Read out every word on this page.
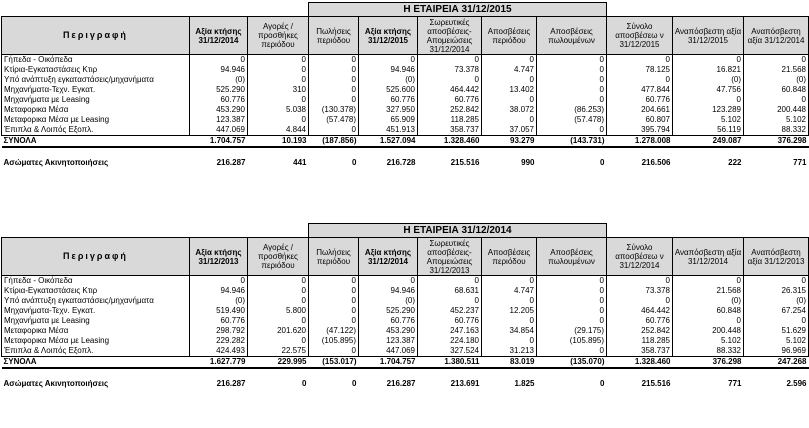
			Η ΕΤΑΙΡΕΙΑ 31/12/2015							
Περιγραφή	Αξία κτήσης 31/12/2014	Αγορές / προσθήκες περιόδου	Πωλήσεις περιόδου	Αξία κτήσης 31/12/2015	Σωρευτικές αποσβέσεις- Απομειώσεις 31/12/2014	Αποσβέσεις περιόδου	Αποσβέσεις πωλουμένων	Σύνολο αποσβέσεω ν 31/12/2015	Αναπόσβεστη αξία 31/12/2015	Αναπόσβεστη αξία 31/12/2014
Γήπεδα - Οικόπεδα	0	0	0	0	0	0	0	0	0	0
Κτίρια-Εγκαταστάσεις Κτιρ	94.946	0	0	94.946	73.378	4.747	0	78.125	16.821	21.568
Υπό ανάπτυξη εγκαταστάσεις/μηχανήματα	(0)	0	0	(0)	0	0	0	0	(0)	(0)
Μηχανήματα-Τεχν. Εγκατ.	525.290	310	0	525.600	464.442	13.402	0	477.844	47.756	60.848
Μηχανήματα με Leasing	60.776	0	0	60.776	60.776	0	0	60.776	0	0
Μεταφορικα Μέσα	453.290	5.038	(130.378)	327.950	252.842	38.072	(86.253)	204.661	123.289	200.448
Μεταφορικα Μέσα με Leasing	123.387	0	(57.478)	65.909	118.285	0	(57.478)	60.807	5.102	5.102
Έπιπλα & Λοιπός Εξοπλ.	447.069	4.844	0	451.913	358.737	37.057	0	395.794	56.119	88.332
ΣΥΝΟΛΑ	1.704.757	10.193	(187.856)	1.527.094	1.328.460	93.279	(143.731)	1.278.008	249.087	376.298

Ασώματες Ακινητοποιήσεις	216.287	441	0	216.728	215.516	990	0	216.506	222	771
			Η ΕΤΑΙΡΕΙΑ 31/12/2014							
Περιγραφή	Αξία κτήσης 31/12/2013	Αγορές / προσθήκες περιόδου	Πωλήσεις περιόδου	Αξία κτήσης 31/12/2014	Σωρευτικές αποσβέσεις- Απομειώσεις 31/12/2013	Αποσβέσεις περιόδου	Αποσβέσεις πωλουμένων	Σύνολο αποσβέσεω ν 31/12/2014	Αναπόσβεστη αξία 31/12/2014	Αναπόσβεστη αξία 31/12/2013
Γήπεδα - Οικόπεδα	0	0	0	0	0	0	0	0	0	0
Κτίρια-Εγκαταστάσεις Κτιρ	94.946	0	0	94.946	68.631	4.747	0	73.378	21.568	26.315
Υπό ανάπτυξη εγκαταστάσεις/μηχανήματα	(0)	0	0	(0)	0	0	0	0	(0)	(0)
Μηχανήματα-Τεχν. Εγκατ.	519.490	5.800	0	525.290	452.237	12.205	0	464.442	60.848	67.254
Μηχανήματα με Leasing	60.776	0	0	60.776	60.776	0	0	60.776	0	0
Μεταφορικα Μέσα	298.792	201.620	(47.122)	453.290	247.163	34.854	(29.175)	252.842	200.448	51.629
Μεταφορικα Μέσα με Leasing	229.282	0	(105.895)	123.387	224.180	0	(105.895)	118.285	5.102	5.102
Έπιπλα & Λοιπός Εξοπλ.	424.493	22.575	0	447.069	327.524	31.213	0	358.737	88.332	96.969
ΣΥΝΟΛΑ	1.627.779	229.995	(153.017)	1.704.757	1.380.511	83.019	(135.070)	1.328.460	376.298	247.268

Ασώματες Ακινητοποιήσεις	216.287	0	0	216.287	213.691	1.825	0	215.516	771	2.596
